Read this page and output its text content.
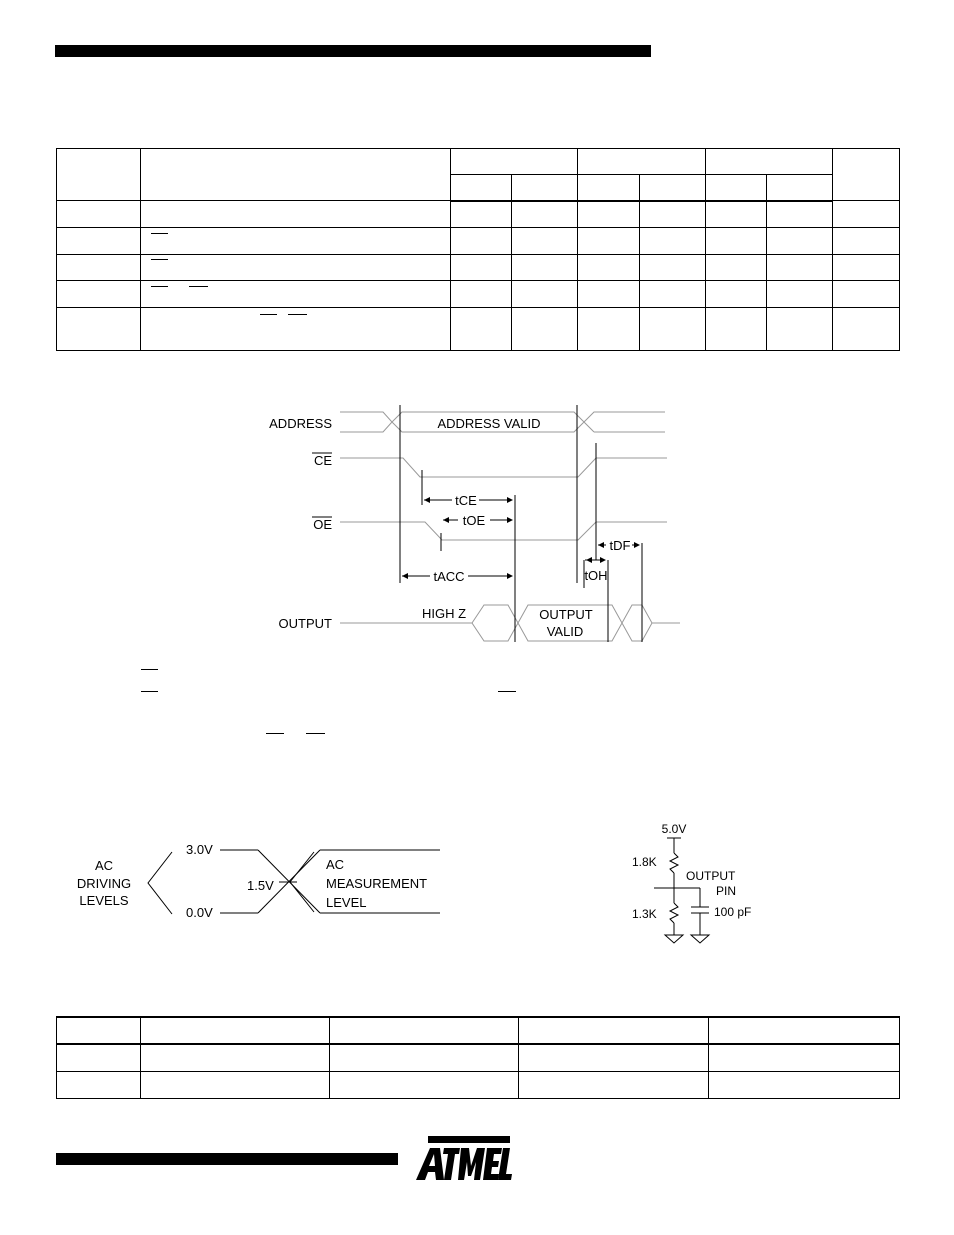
ADDRESS
CE
OE
OUTPUT
ADDRESS VALID
tCE
tOE
tDF
tACC	tOH
HIGH Z	OUTPUT
VALID
AC
DRIVING
LEVELS
3.0V
0.0V
1.5V
AC
MEASUREMENT
LEVEL
5.0V
1.8K
1.3K	100 pF
OUTPUT
PIN
